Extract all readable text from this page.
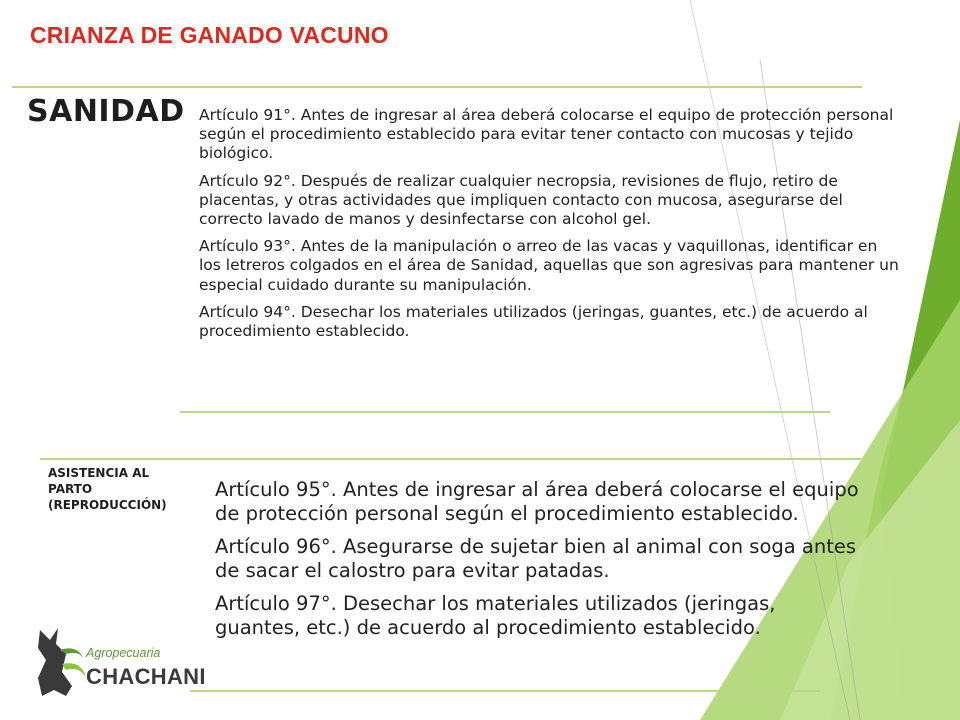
CRIANZA DE GANADO VACUNO
SANIDAD Artículo 91°. Antes de ingresar al área deberá colocarse el equipo de protección personal según el procedimiento establecido para evitar tener contacto con mucosas y tejido biológico.

Artículo 92°. Después de realizar cualquier necropsia, revisiones de flujo, retiro de placentas, y otras actividades que impliquen contacto con mucosa, asegurarse del correcto lavado de manos y desinfectarse con alcohol gel.

Artículo 93°. Antes de la manipulación o arreo de las vacas y vaquillonas, identificar en los letreros colgados en el área de Sanidad, aquellas que son agresivas para mantener un especial cuidado durante su manipulación.

Artículo 94°. Desechar los materiales utilizados (jeringas, guantes, etc.) de acuerdo al procedimiento establecido.

ASISTENCIA AL PARTO (REPRODUCCIÓN)

Artículo 95°. Antes de ingresar al área deberá colocarse el equipo de protección personal según el procedimiento establecido.

Artículo 96°. Asegurarse de sujetar bien al animal con soga antes de sacar el calostro para evitar patadas.

Artículo 97°. Desechar los materiales utilizados (jeringas, guantes, etc.) de acuerdo al procedimiento establecido.

Agropecuaria
CHACHANI
